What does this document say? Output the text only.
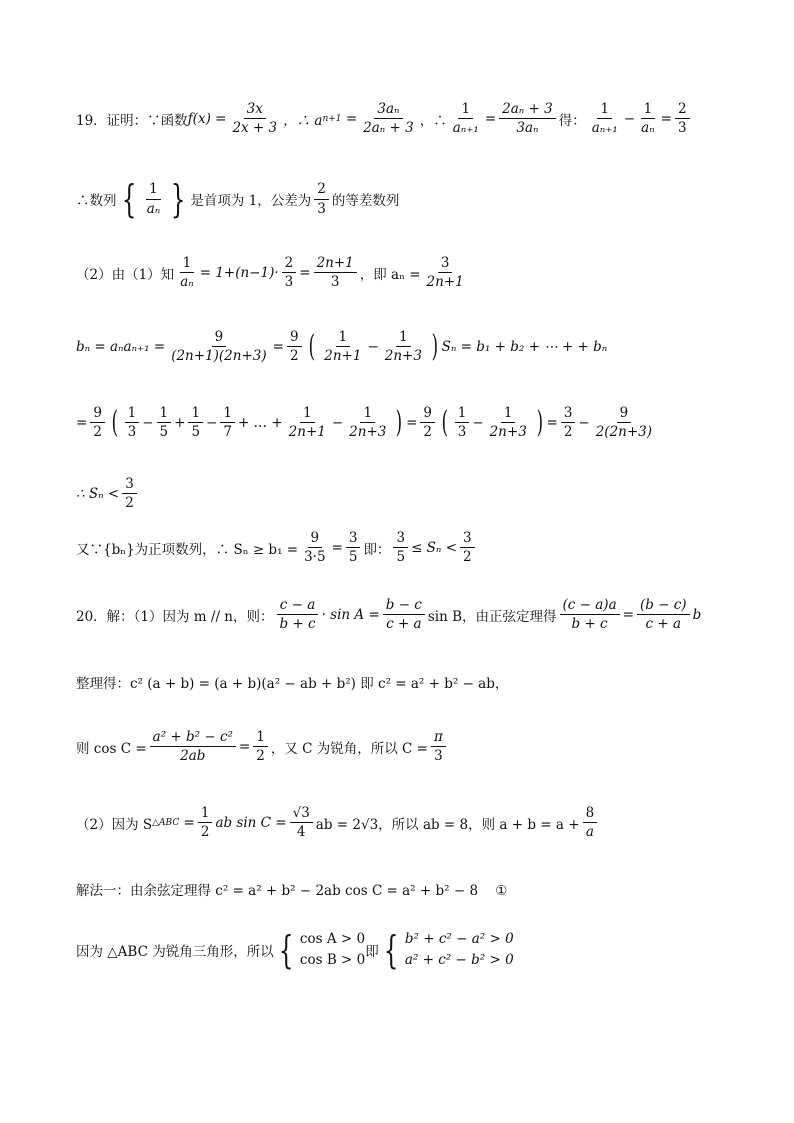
19．证明：∵函数 $f(x) = \frac{3x}{2x + 3}$ ，∴ a $n+1 = \frac{\text{3aₙ}}{\text{2aₙ + 3}}$ ，∴ $\frac{1}{\text{aₙ₊₁}} = \frac{\text{2aₙ + 3}}{\text{3aₙ}}$ 得： $\frac{1}{\text{aₙ₊₁}} - \frac{1}{\text{aₙ}} = \frac{2}{3}$
∴数列 { $\frac{1}{\text{aₙ}}$ } 是首项为 1，公差为 $\frac{2}{3}$ 的等差数列
（2）由（1）知 $\frac{1}{\text{aₙ}} = 1+(n-1)\cdot \frac{2}{3} = \frac{2n+1}{3}$ ，即 $a_n = \frac{3}{2n+1}$
$b_n = a_na_{n+1} = \frac{9}{(2n+1)(2n+3)} = \frac{9}{2}$ ( $\frac{1}{2n+1} - \frac{1}{2n+3}$ ) Sₙ = b₁ + b₂ + ⋯ + + bₙ
= $\frac{9}{2}$ ( $\frac{1}{3} - \frac{1}{5} + \frac{1}{5} - \frac{1}{7}$ + … + $\frac{1}{2n+1} - \frac{1}{2n+3}$ ) = $\frac{9}{2}$ ( $\frac{1}{3} - \frac{1}{2n+3}$ ) = $\frac{3}{2} - \frac{9}{2(2n+3)}$
∴ $S_n < \frac{3}{2}$
又∵{bₙ}为正项数列，∴ $S_n \ge b_1 = \frac{9}{3\cdot 5} = \frac{3}{5}$ 即： $\frac{3}{5} \le S_n < \frac{3}{2}$
20．解：（1）因为 m // n，则： $\frac{c - a}{b + c} \cdot \sin A = \frac{b - c}{c + a}$ sin B，由正弦定理得 $\frac{(c - a)a}{b + c} = \frac{(b - c)}{c + a}$ b
整理得：c² (a + b) = (a + b)(a² − ab + b²) 即 c² = a² + b² − ab，
则 $\cos C = \frac{\text{a² + b² − c²}}{2ab} = \frac{1}{2}$ ，又 C 为锐角，所以 $C = \frac{\pi}{3}$
（2）因为 S △ABC = $\frac{1}{2}$ ab $\sin C = \frac{√3}{4}$ ab = 2√3，所以 ab = 8，则 $a + b = a + \frac{8}{a}$
解法一：由余弦定理得 c² = a² + b² − 2ab cos C = a² + b² − 8    ①
因为 △ABC 为锐角三角形，所以 { cos A > 0
cos B > 0 即 { b² + c² − a² > 0
a² + c² − b² > 0
